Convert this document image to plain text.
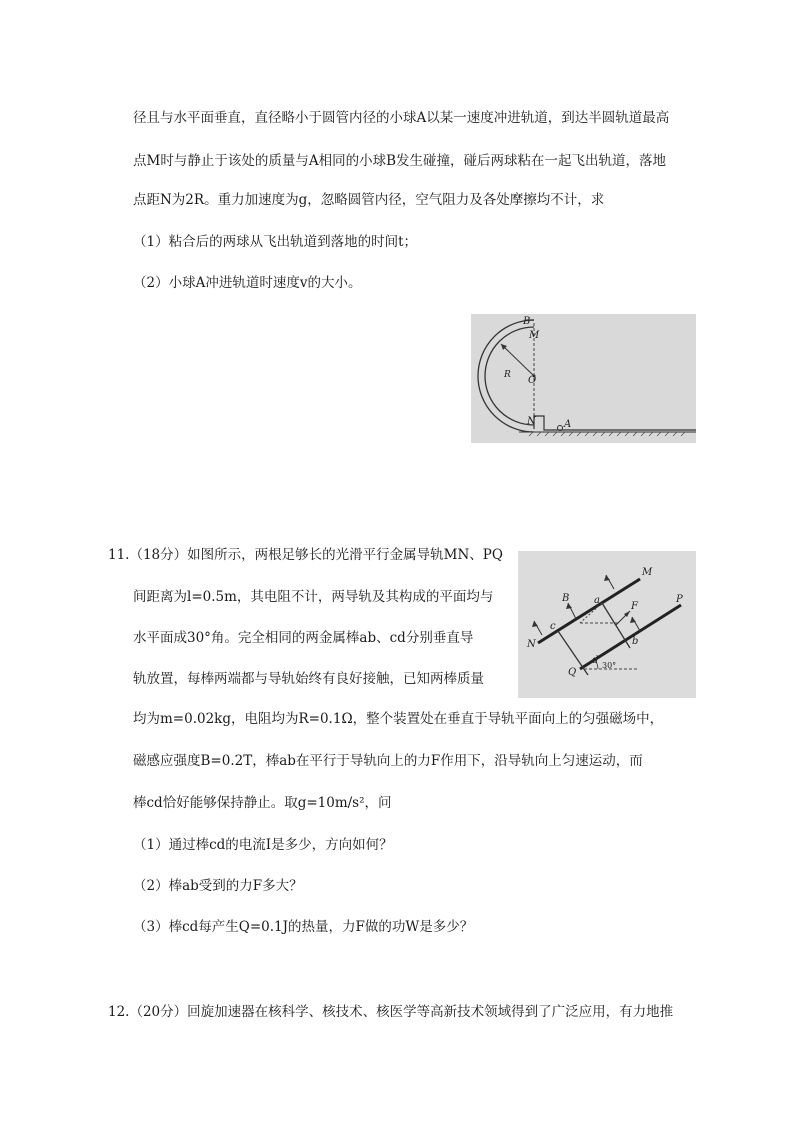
径且与水平面垂直，直径略小于圆管内径的小球A以某一速度冲进轨道，到达半圆轨道最高
点M时与静止于该处的质量与A相同的小球B发生碰撞，碰后两球粘在一起飞出轨道，落地
点距N为2R。重力加速度为g，忽略圆管内径，空气阻力及各处摩擦均不计，求
（1）粘合后的两球从飞出轨道到落地的时间t；
（2）小球A冲进轨道时速度v的大小。
B
M
O
R
N	A
11.（18分）如图所示，两根足够长的光滑平行金属导轨MN、PQ
间距离为l=0.5m，其电阻不计，两导轨及其构成的平面均与
水平面成30°角。完全相同的两金属棒ab、cd分别垂直导
轨放置，每棒两端都与导轨始终有良好接触，已知两棒质量
均为m=0.02kg，电阻均为R=0.1Ω，整个装置处在垂直于导轨平面向上的匀强磁场中，
磁感应强度B=0.2T，棒ab在平行于导轨向上的力F作用下，沿导轨向上匀速运动，而
棒cd恰好能够保持静止。取g=10m/s²，问
（1）通过棒cd的电流I是多少，方向如何？
（2）棒ab受到的力F多大？
（3）棒cd每产生Q=0.1J的热量，力F做的功W是多少？
M
P
N
Q
B
F
a
b
c
d 30°
12.（20分）回旋加速器在核科学、核技术、核医学等高新技术领域得到了广泛应用，有力地推
